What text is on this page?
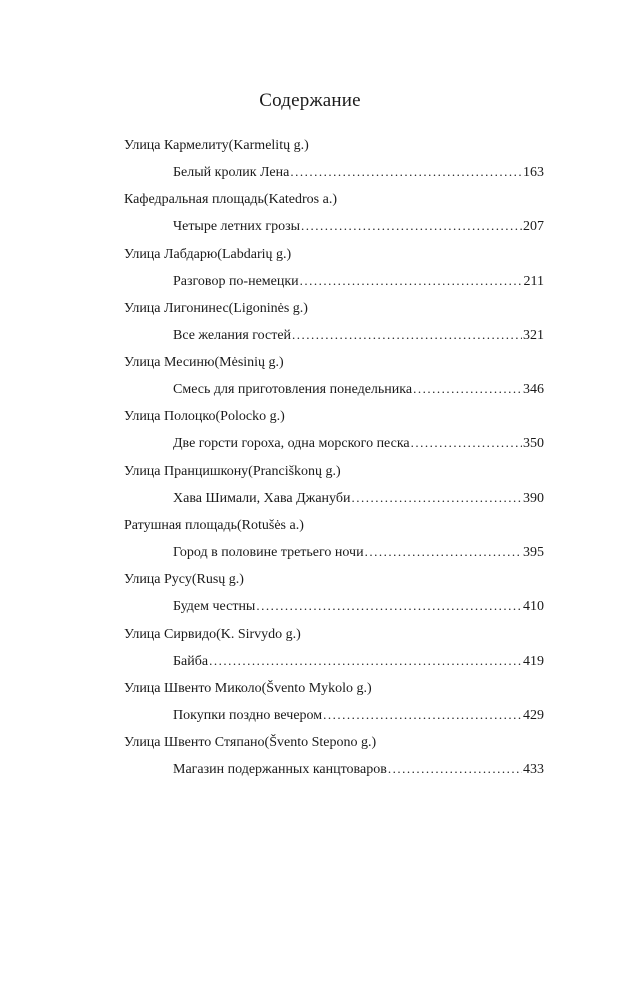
Содержание
Улица Кармелиту(Karmelitų g.)
Белый кролик Лена .....	163
Кафедральная площадь(Katedros a.)
Четыре летних грозы .....	207
Улица Лабдарю(Labdarių g.)
Разговор по-немецки .....	211
Улица Лигонинес(Ligoninės g.)
Все желания гостей .....	321
Улица Месиню(Mėsinių g.)
Смесь для приготовления понедельника .....	346
Улица Полоцко(Polocko g.)
Две горсти гороха, одна морского песка .....	350
Улица Пранцишкону(Pranciškonų g.)
Хава Шимали, Хава Джануби .....	390
Ратушная площадь(Rotušės a.)
Город в половине третьего ночи .....	395
Улица Русу(Rusų g.)
Будем честны .....	410
Улица Сирвидо(K. Sirvydo g.)
Байба .....	419
Улица Швенто Миколо(Švento Mykolo g.)
Покупки поздно вечером .....	429
Улица Швенто Стяпано(Švento Stepono g.)
Магазин подержанных канцтоваров .....	433
